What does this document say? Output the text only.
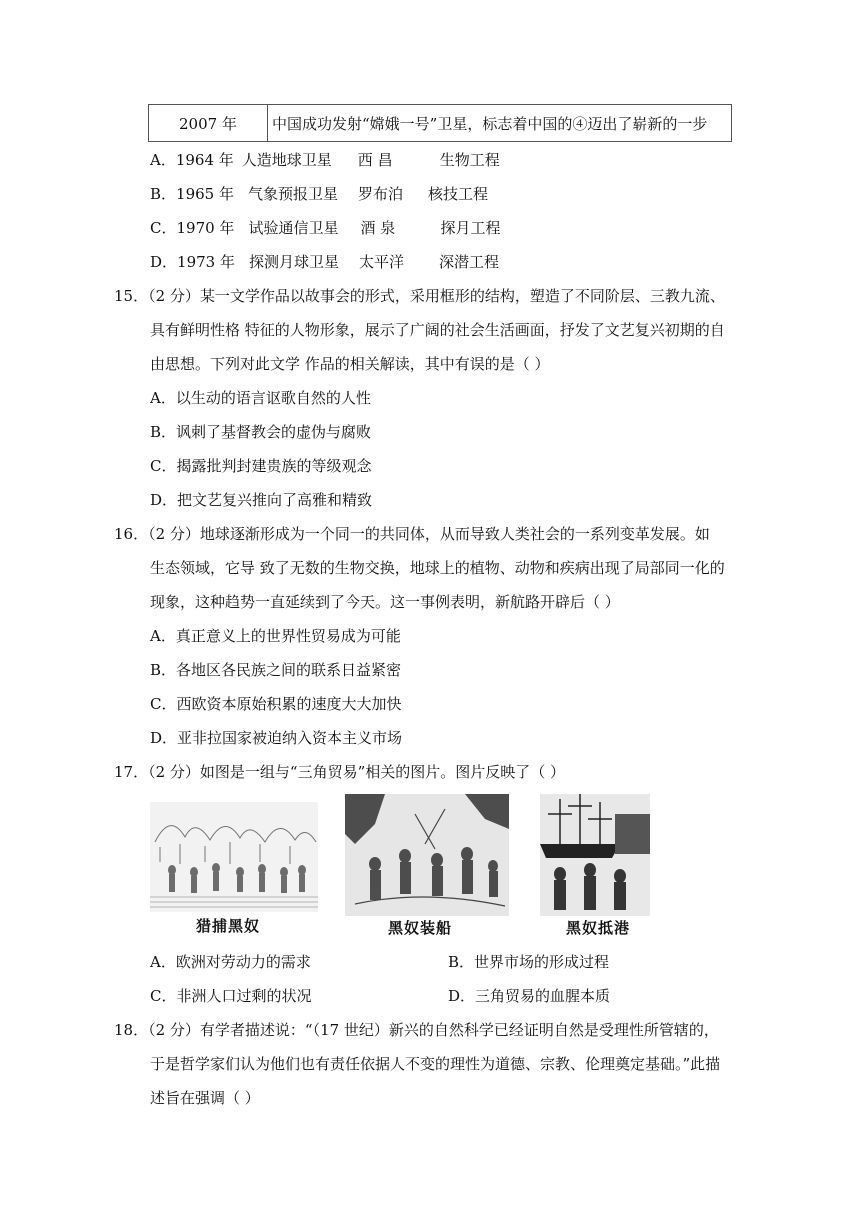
2007 年	中国成功发射“嫦娥一号”卫星，标志着中国的④迈出了崭新的一步
A．1964 年 人造地球卫星 西 昌	生物工程
B．1965 年 气象预报卫星 罗布泊 核技工程
C．1970 年 试验通信卫星 酒 泉	探月工程
D．1973 年 探测月球卫星 太平洋 深潜工程
15．（2 分）某一文学作品以故事会的形式，采用框形的结构，塑造了不同阶层、三教九流、
具有鲜明性格 特征的人物形象，展示了广阔的社会生活画面，抒发了文艺复兴初期的自
由思想。下列对此文学 作品的相关解读，其中有误的是（ ）
A．以生动的语言讴歌自然的人性
B．讽刺了基督教会的虚伪与腐败
C．揭露批判封建贵族的等级观念
D．把文艺复兴推向了高雅和精致
16．（2 分）地球逐渐形成为一个同一的共同体，从而导致人类社会的一系列变革发展。如
生态领域，它导 致了无数的生物交换，地球上的植物、动物和疾病出现了局部同一化的
现象，这种趋势一直延续到了今天。这一事例表明，新航路开辟后（ ）
A．真正意义上的世界性贸易成为可能
B．各地区各民族之间的联系日益紧密
C．西欧资本原始积累的速度大大加快
D．亚非拉国家被迫纳入资本主义市场
17．（2 分）如图是一组与“三角贸易”相关的图片。图片反映了（ ）
猎捕黑奴	黑奴装船	黑奴抵港
A．欧洲对劳动力的需求	B．世界市场的形成过程
C．非洲人口过剩的状况	D．三角贸易的血腥本质
18．（2 分）有学者描述说：“（17 世纪）新兴的自然科学已经证明自然是受理性所管辖的，
于是哲学家们认为他们也有责任依据人不变的理性为道德、宗教、伦理奠定基础。”此描
述旨在强调（ ）
